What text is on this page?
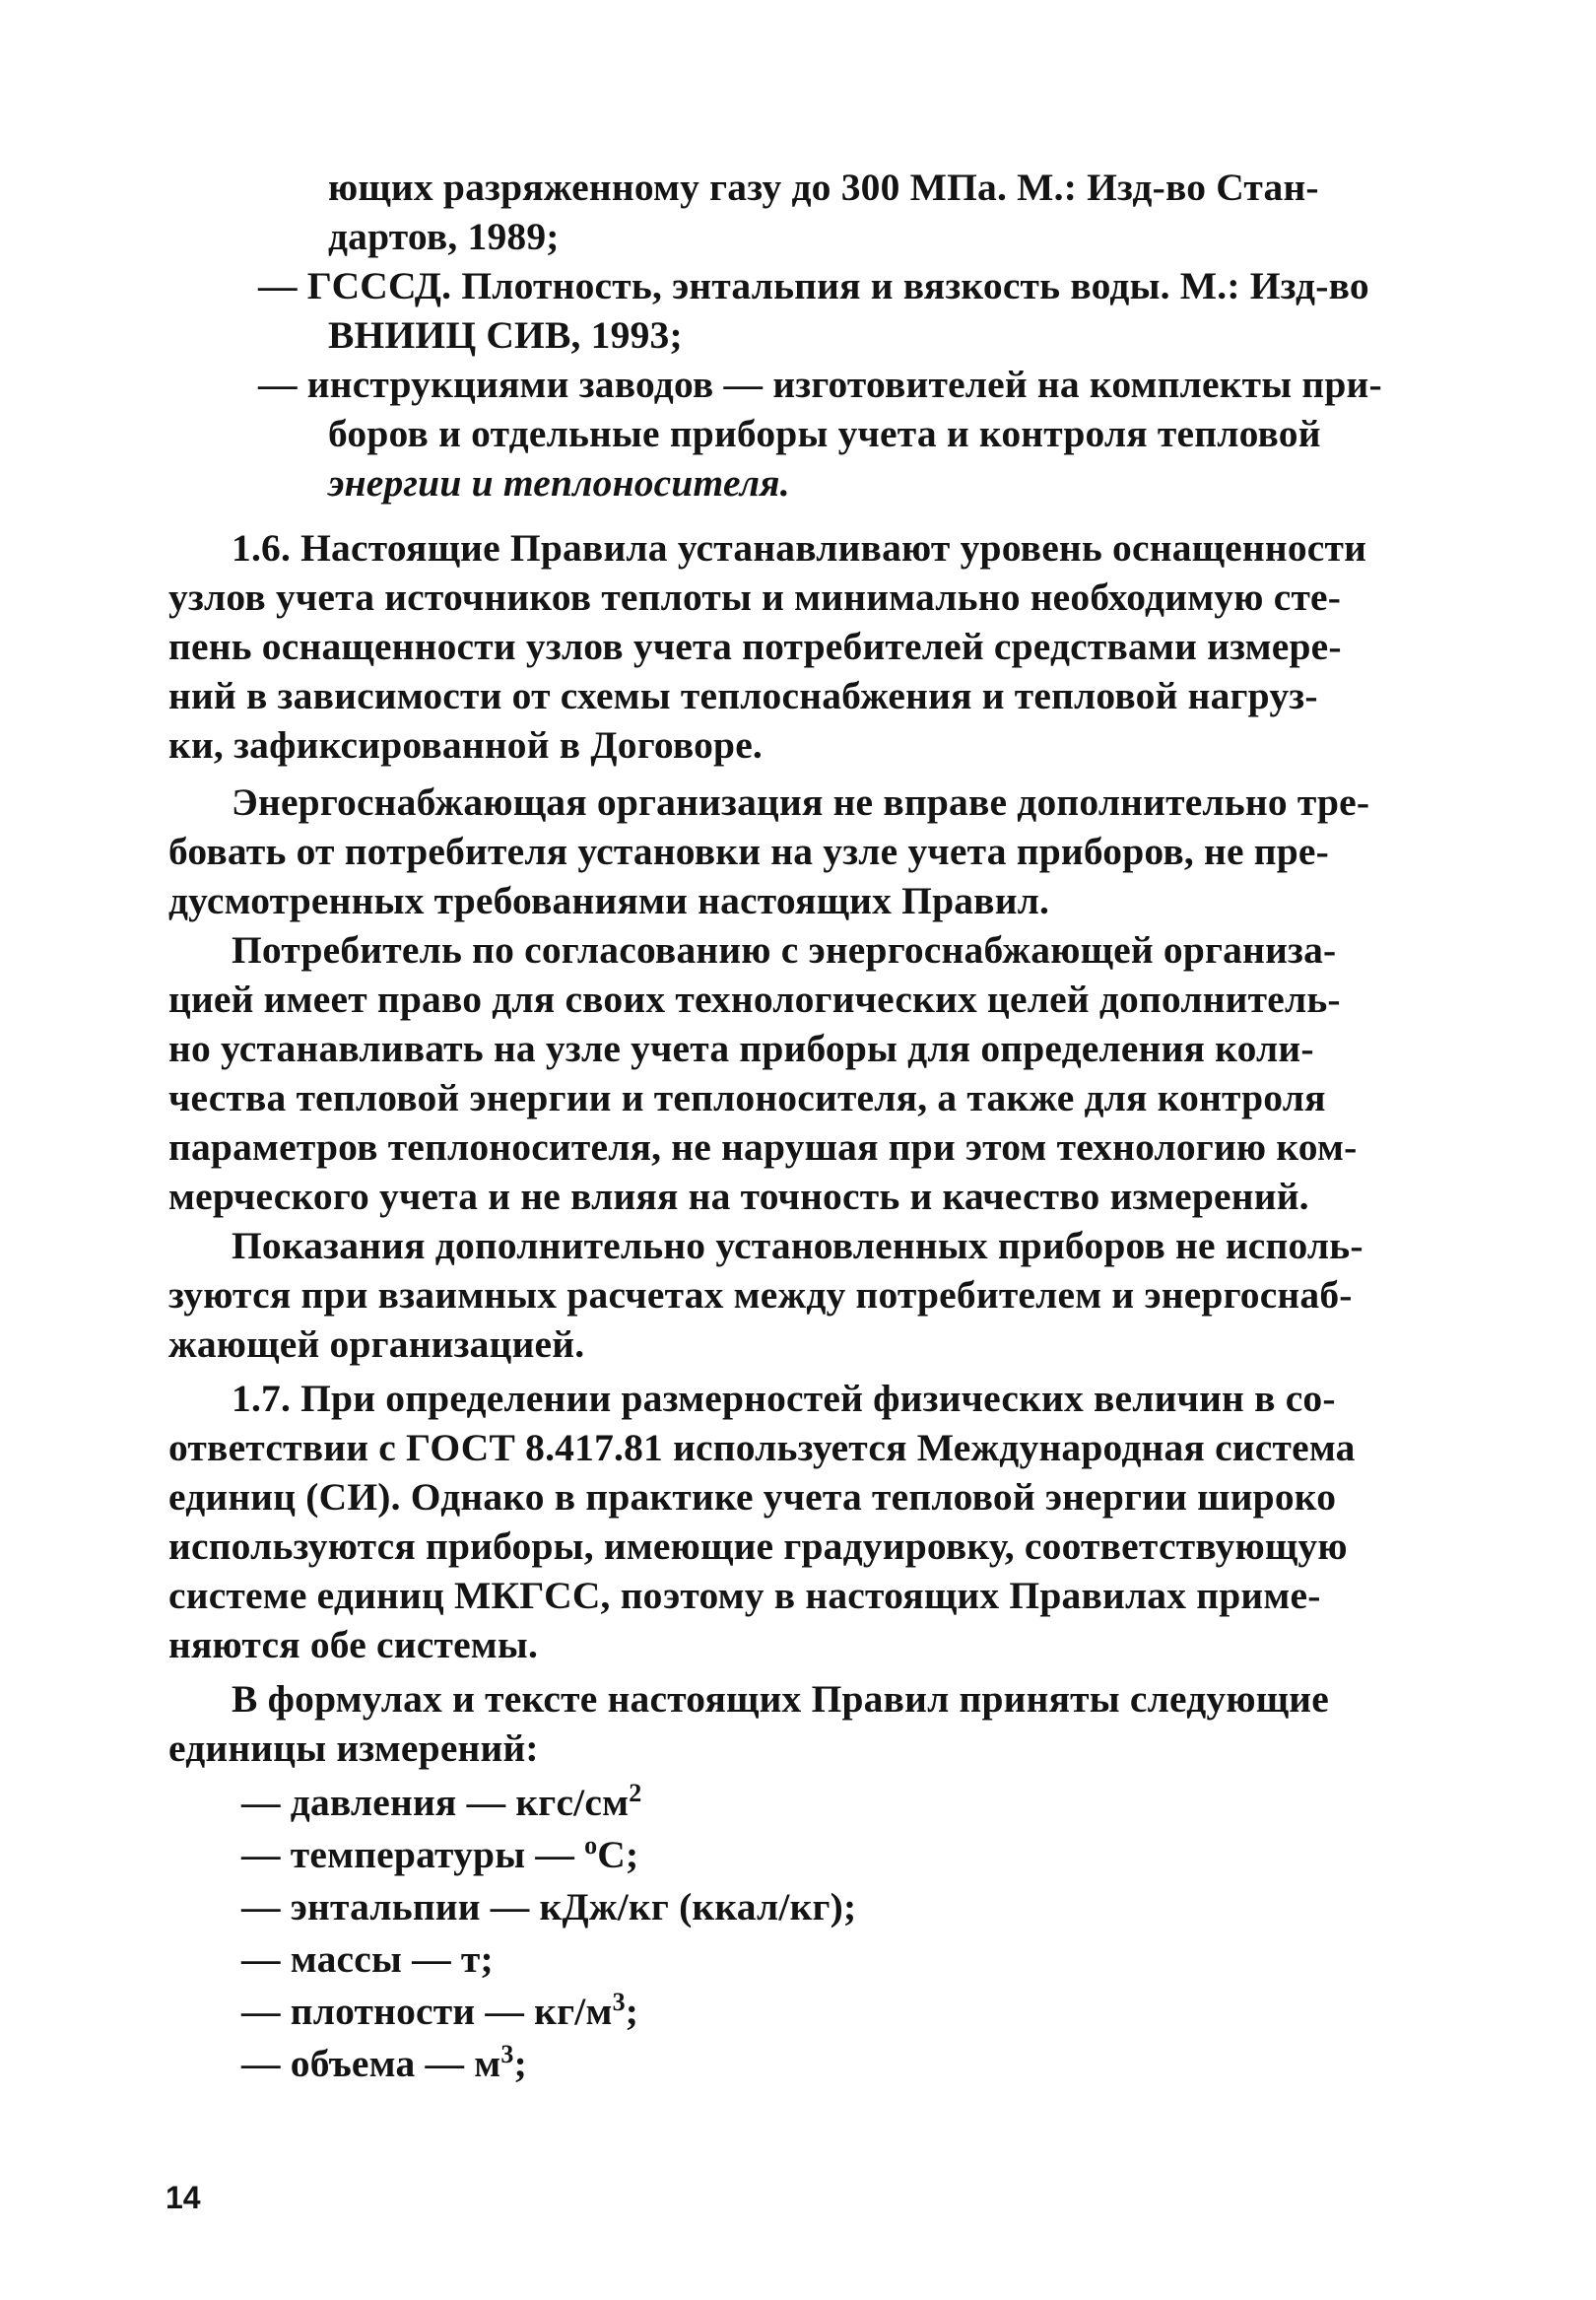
ющих разряженному газу до 300 МПа. М.: Изд-во Стан-
дартов, 1989;
— ГСССД. Плотность, энтальпия и вязкость воды. М.: Изд-во
ВНИИЦ СИВ, 1993;
— инструкциями заводов — изготовителей на комплекты при-
боров и отдельные приборы учета и контроля тепловой
энергии и теплоносителя.
1.6. Настоящие Правила устанавливают уровень оснащенности
узлов учета источников теплоты и минимально необходимую сте-
пень оснащенности узлов учета потребителей средствами измере-
ний в зависимости от схемы теплоснабжения и тепловой нагруз-
ки, зафиксированной в Договоре.
Энергоснабжающая организация не вправе дополнительно тре-
бовать от потребителя установки на узле учета приборов, не пре-
дусмотренных требованиями настоящих Правил.
Потребитель по согласованию с энергоснабжающей организа-
цией имеет право для своих технологических целей дополнитель-
но устанавливать на узле учета приборы для определения коли-
чества тепловой энергии и теплоносителя, а также для контроля
параметров теплоносителя, не нарушая при этом технологию ком-
мерческого учета и не влияя на точность и качество измерений.
Показания дополнительно установленных приборов не исполь-
зуются при взаимных расчетах между потребителем и энергоснаб-
жающей организацией.
1.7. При определении размерностей физических величин в со-
ответствии с ГОСТ 8.417.81 используется Международная система
единиц (СИ). Однако в практике учета тепловой энергии широко
используются приборы, имеющие градуировку, соответствующую
системе единиц МКГСС, поэтому в настоящих Правилах приме-
няются обе системы.
В формулах и тексте настоящих Правил приняты следующие
единицы измерений:
— давления — кгс/$см^2$
— температуры — $^о$С;
— энтальпии — кДж/кг (ккал/кг);
— массы — т;
— плотности — $кг/м^3$;
— объема — $м^3$;
14
